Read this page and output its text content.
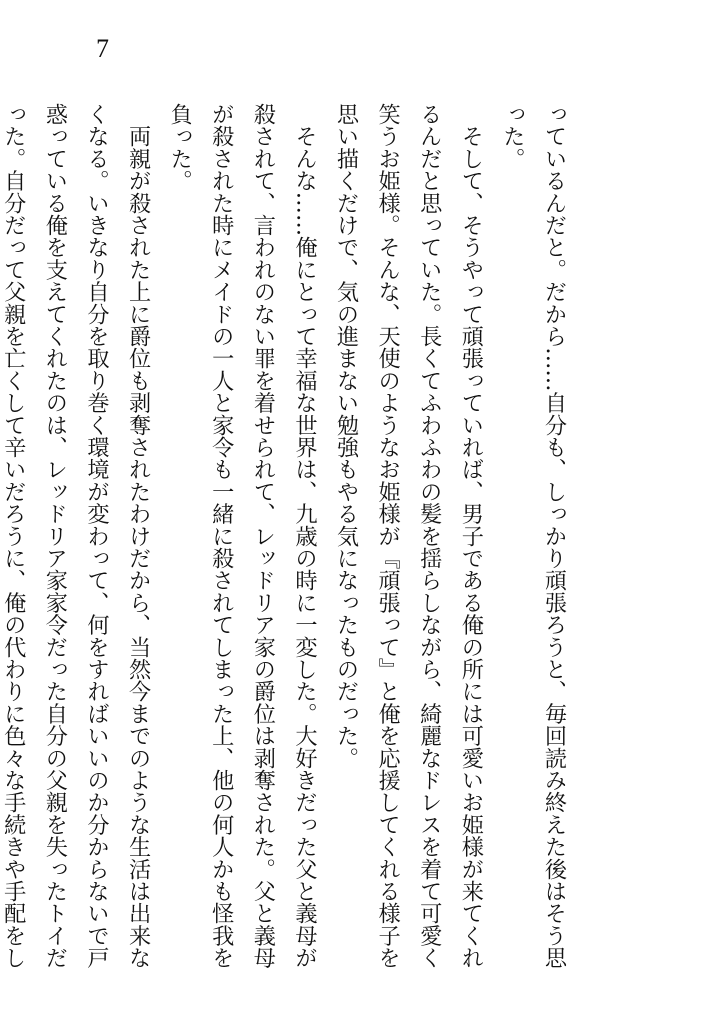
7
っているんだと。だから……自分も、しっかり頑張ろうと、毎回読み終えた後はそう思
った。
　そして、そうやって頑張っていれば、男子である俺の所には可愛いお姫様が来てくれ
るんだと思っていた。長くてふわふわの髪を揺らしながら、綺麗なドレスを着て可愛く
笑うお姫様。そんな、天使のようなお姫様が『頑張って』と俺を応援してくれる様子を
思い描くだけで、気の進まない勉強もやる気になったものだった。
　そんな……俺にとって幸福な世界は、九歳の時に一変した。大好きだった父と義母が
殺されて、言われのない罪を着せられて、レッドリア家の爵位は剥奪された。父と義母
が殺された時にメイドの一人と家令も一緒に殺されてしまった上、他の何人かも怪我を
負った。
　両親が殺された上に爵位も剥奪されたわけだから、当然今までのような生活は出来な
くなる。いきなり自分を取り巻く環境が変わって、何をすればいいのか分からないで戸
惑っている俺を支えてくれたのは、レッドリア家家令だった自分の父親を失ったトイだ
った。自分だって父親を亡くして辛いだろうに、俺の代わりに色々な手続きや手配をし
